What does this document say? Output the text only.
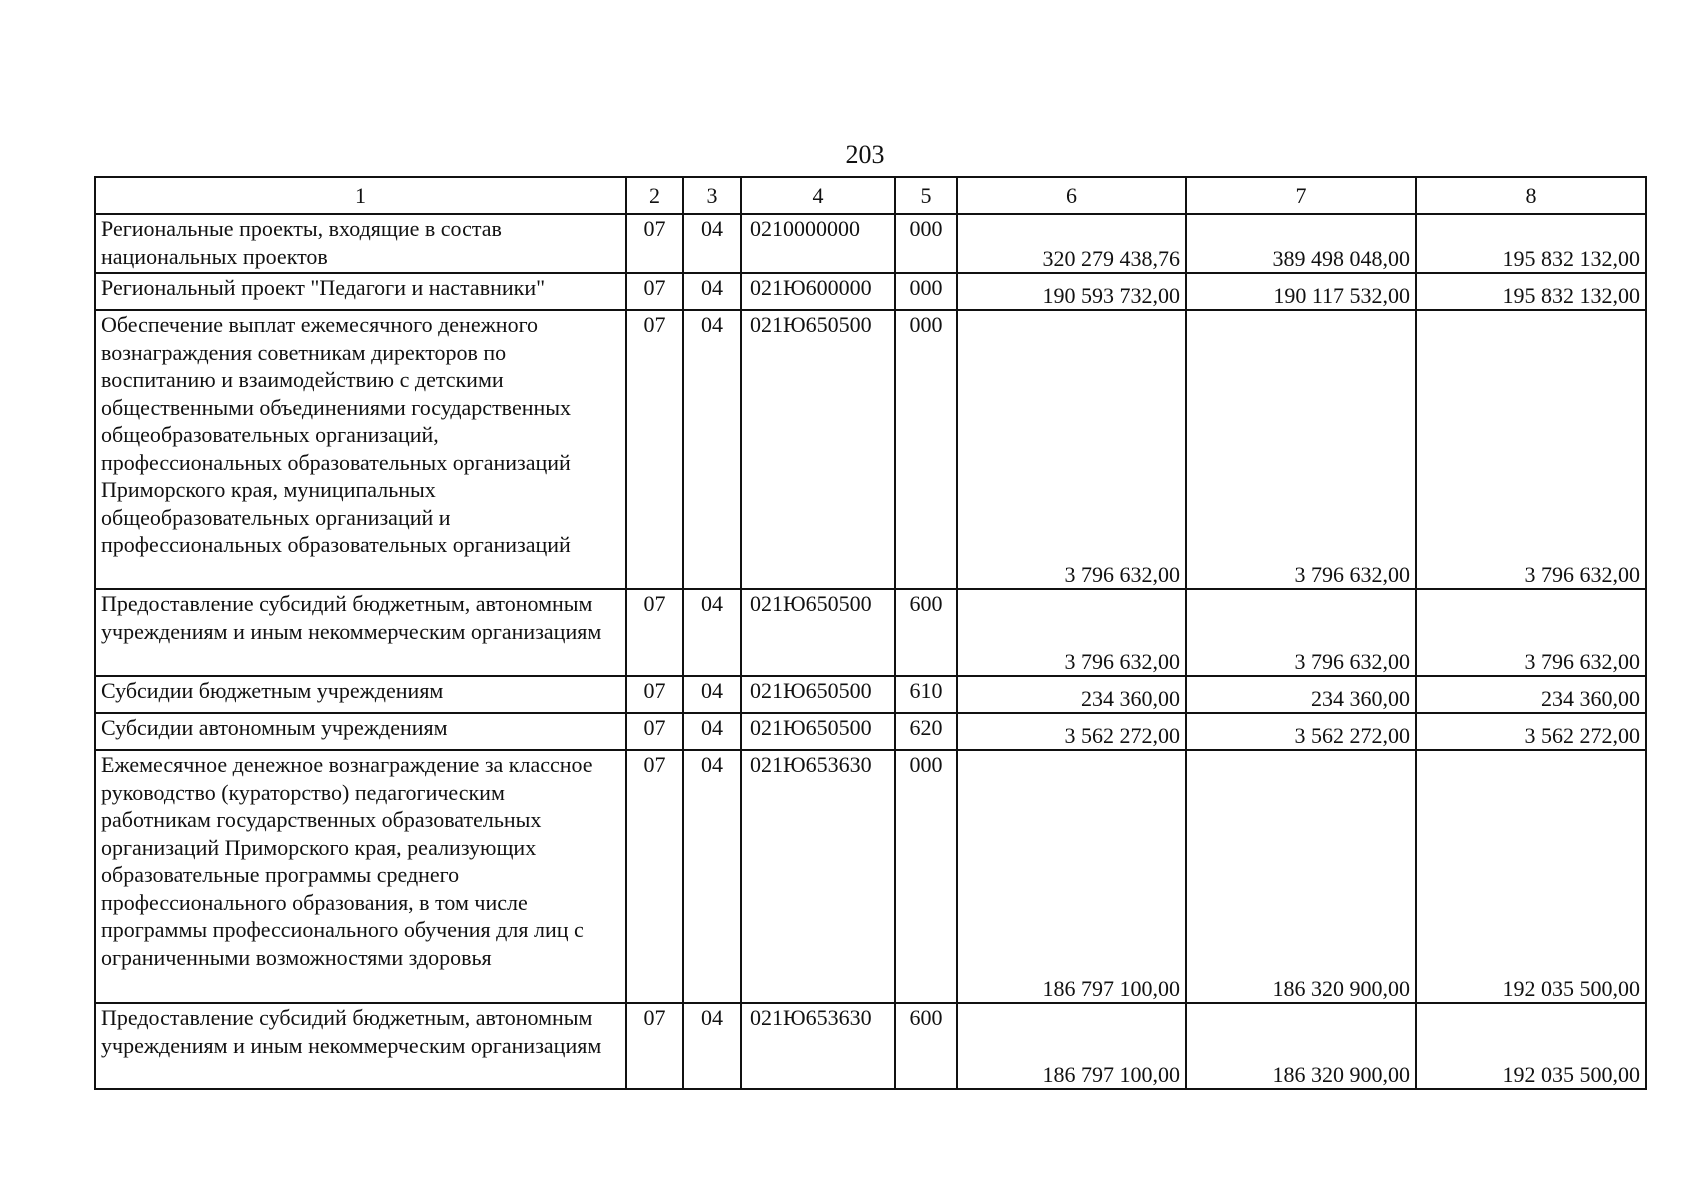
203
1	2	3	4	5	6	7	8
Региональные проекты, входящие в состав национальных проектов	07	04	0210000000	000	320 279 438,76	389 498 048,00	195 832 132,00
Региональный проект "Педагоги и наставники"	07	04	021Ю600000	000	190 593 732,00	190 117 532,00	195 832 132,00
Обеспечение выплат ежемесячного денежного вознаграждения советникам директоров по воспитанию и взаимодействию с детскими общественными объединениями государственных общеобразовательных организаций, профессиональных образовательных организаций Приморского края, муниципальных общеобразовательных организаций и профессиональных образовательных организаций	07	04	021Ю650500	000	3 796 632,00	3 796 632,00	3 796 632,00
Предоставление субсидий бюджетным, автономным учреждениям и иным некоммерческим организациям	07	04	021Ю650500	600	3 796 632,00	3 796 632,00	3 796 632,00
Субсидии бюджетным учреждениям	07	04	021Ю650500	610	234 360,00	234 360,00	234 360,00
Субсидии автономным учреждениям	07	04	021Ю650500	620	3 562 272,00	3 562 272,00	3 562 272,00
Ежемесячное денежное вознаграждение за классное руководство (кураторство) педагогическим работникам государственных образовательных организаций Приморского края, реализующих образовательные программы среднего профессионального образования, в том числе программы профессионального обучения для лиц с ограниченными возможностями здоровья	07	04	021Ю653630	000	186 797 100,00	186 320 900,00	192 035 500,00
Предоставление субсидий бюджетным, автономным учреждениям и иным некоммерческим организациям	07	04	021Ю653630	600	186 797 100,00	186 320 900,00	192 035 500,00
